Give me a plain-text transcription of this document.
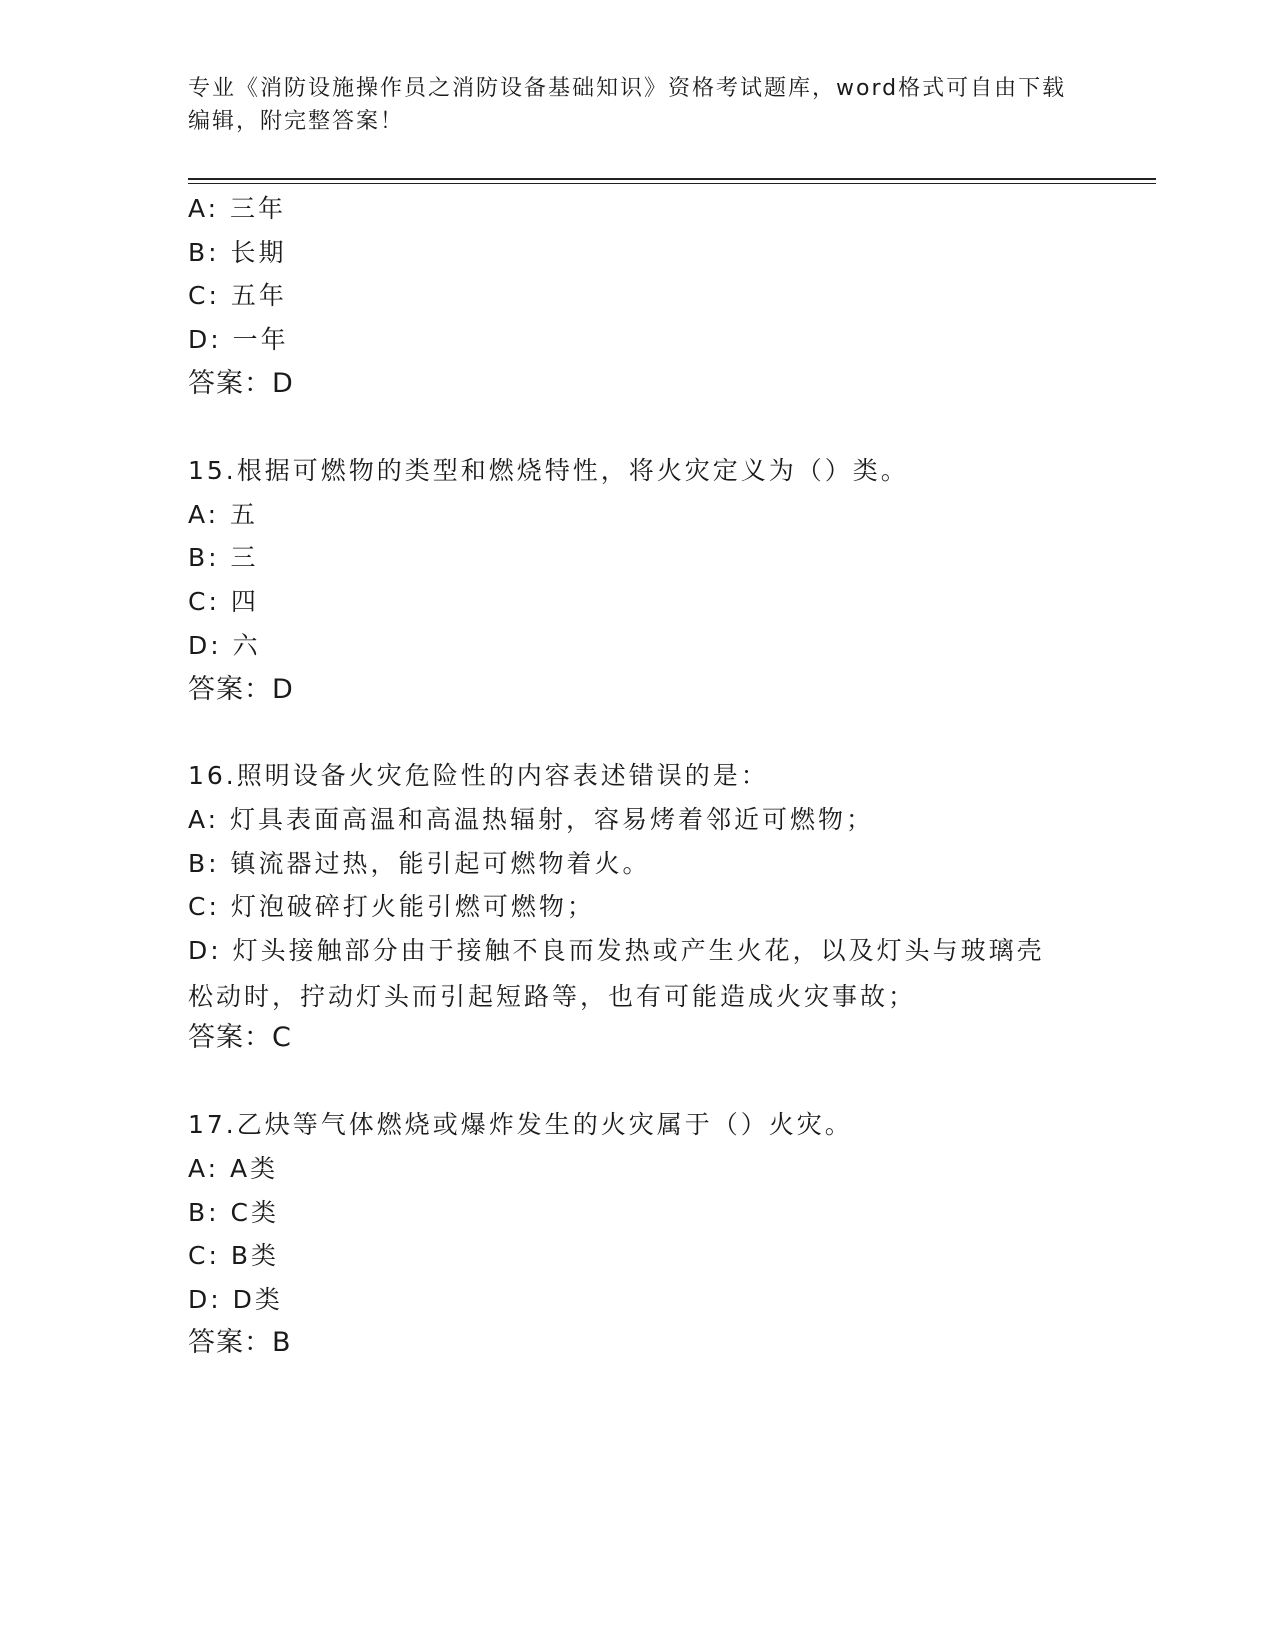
专业《消防设施操作员之消防设备基础知识》资格考试题库，word格式可自由下载编辑，附完整答案！
A: 三年
B: 长期
C: 五年
D: 一年
答案：D
15.根据可燃物的类型和燃烧特性，将火灾定义为（）类。
A: 五
B: 三
C: 四
D: 六
答案：D
16.照明设备火灾危险性的内容表述错误的是：
A: 灯具表面高温和高温热辐射，容易烤着邻近可燃物；
B: 镇流器过热，能引起可燃物着火。
C: 灯泡破碎打火能引燃可燃物；
D: 灯头接触部分由于接触不良而发热或产生火花，以及灯头与玻璃壳松动时，拧动灯头而引起短路等，也有可能造成火灾事故；
答案：C
17.乙炔等气体燃烧或爆炸发生的火灾属于（）火灾。
A: A类
B: C类
C: B类
D: D类
答案：B
